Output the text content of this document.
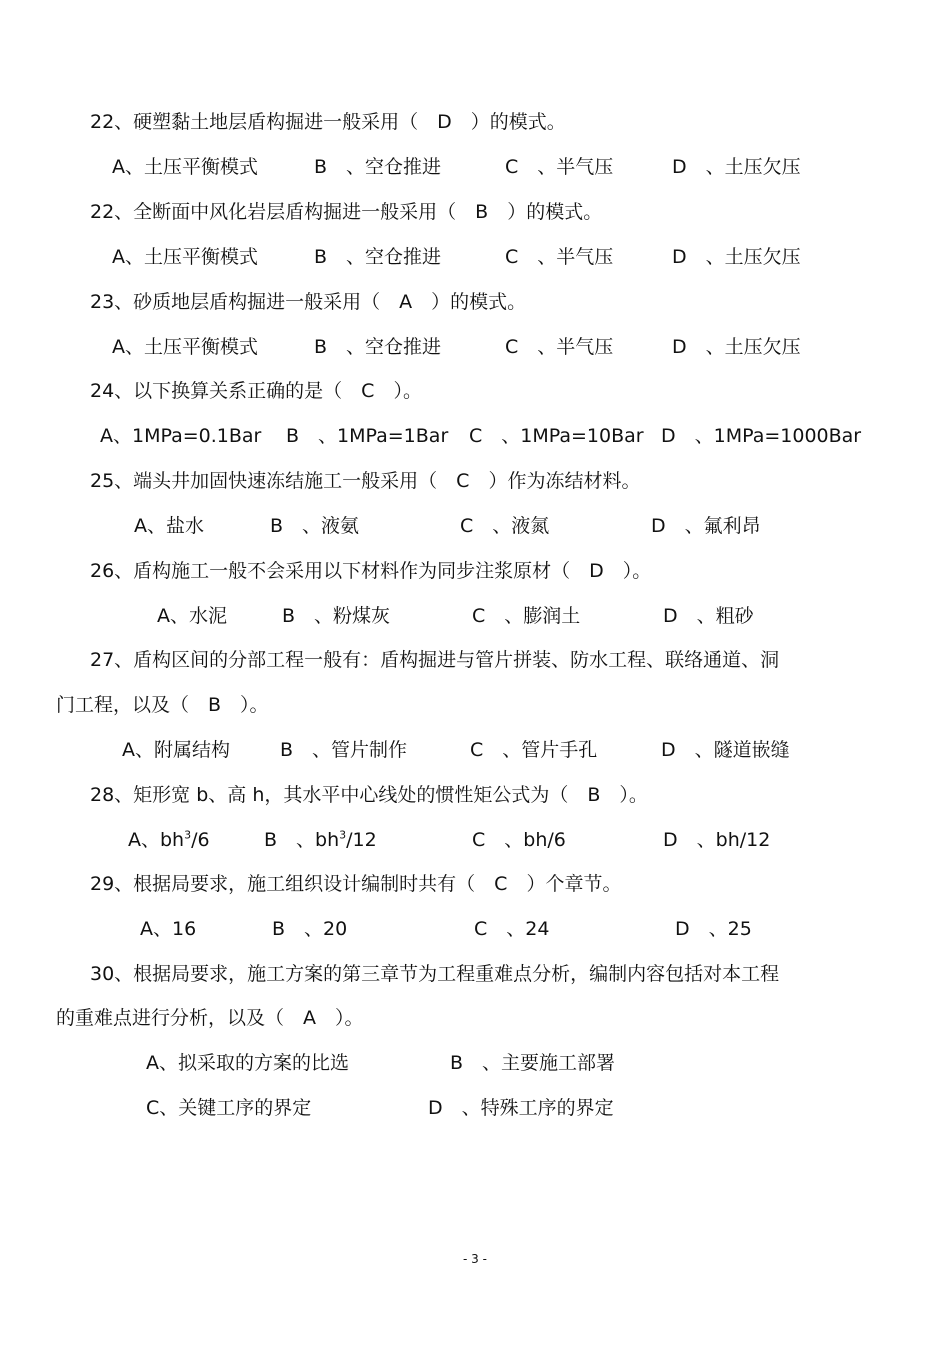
22、硬塑黏土地层盾构掘进一般采用（　D　）的模式。
A、土压平衡模式	B　、空仓推进	C　、半气压	D　、土压欠压
22、全断面中风化岩层盾构掘进一般采用（　B　）的模式。
A、土压平衡模式	B　、空仓推进	C　、半气压	D　、土压欠压
23、砂质地层盾构掘进一般采用（　A　）的模式。
A、土压平衡模式	B　、空仓推进	C　、半气压	D　、土压欠压
24、以下换算关系正确的是（　C　）。
A、1MPa=0.1Bar B　、1MPa=1Bar C　、1MPa=10Bar D　、1MPa=1000Bar
25、端头井加固快速冻结施工一般采用（　C　）作为冻结材料。
A、盐水	B　、液氨	C　、液氮	D　、氟利昂
26、盾构施工一般不会采用以下材料作为同步注浆原材（　D　）。
A、水泥	B　、粉煤灰	C　、膨润土	D　、粗砂
27、盾构区间的分部工程一般有：盾构掘进与管片拼装、防水工程、联络通道、洞
门工程，以及（　B　）。
A、附属结构	B　、管片制作	C　、管片手孔	D　、隧道嵌缝
28、矩形宽 b、高 h，其水平中心线处的惯性矩公式为（　B　）。
A、$bh^3/6$	B　、$bh^3/12$	C　、bh/6	D　、bh/12
29、根据局要求，施工组织设计编制时共有（　C　）个章节。
A、16	B　、20	C　、24	D　、25
30、根据局要求，施工方案的第三章节为工程重难点分析，编制内容包括对本工程
的重难点进行分析，以及（　A　）。
A、拟采取的方案的比选	B　、主要施工部署
C、关键工序的界定	D　、特殊工序的界定
- 3 -
